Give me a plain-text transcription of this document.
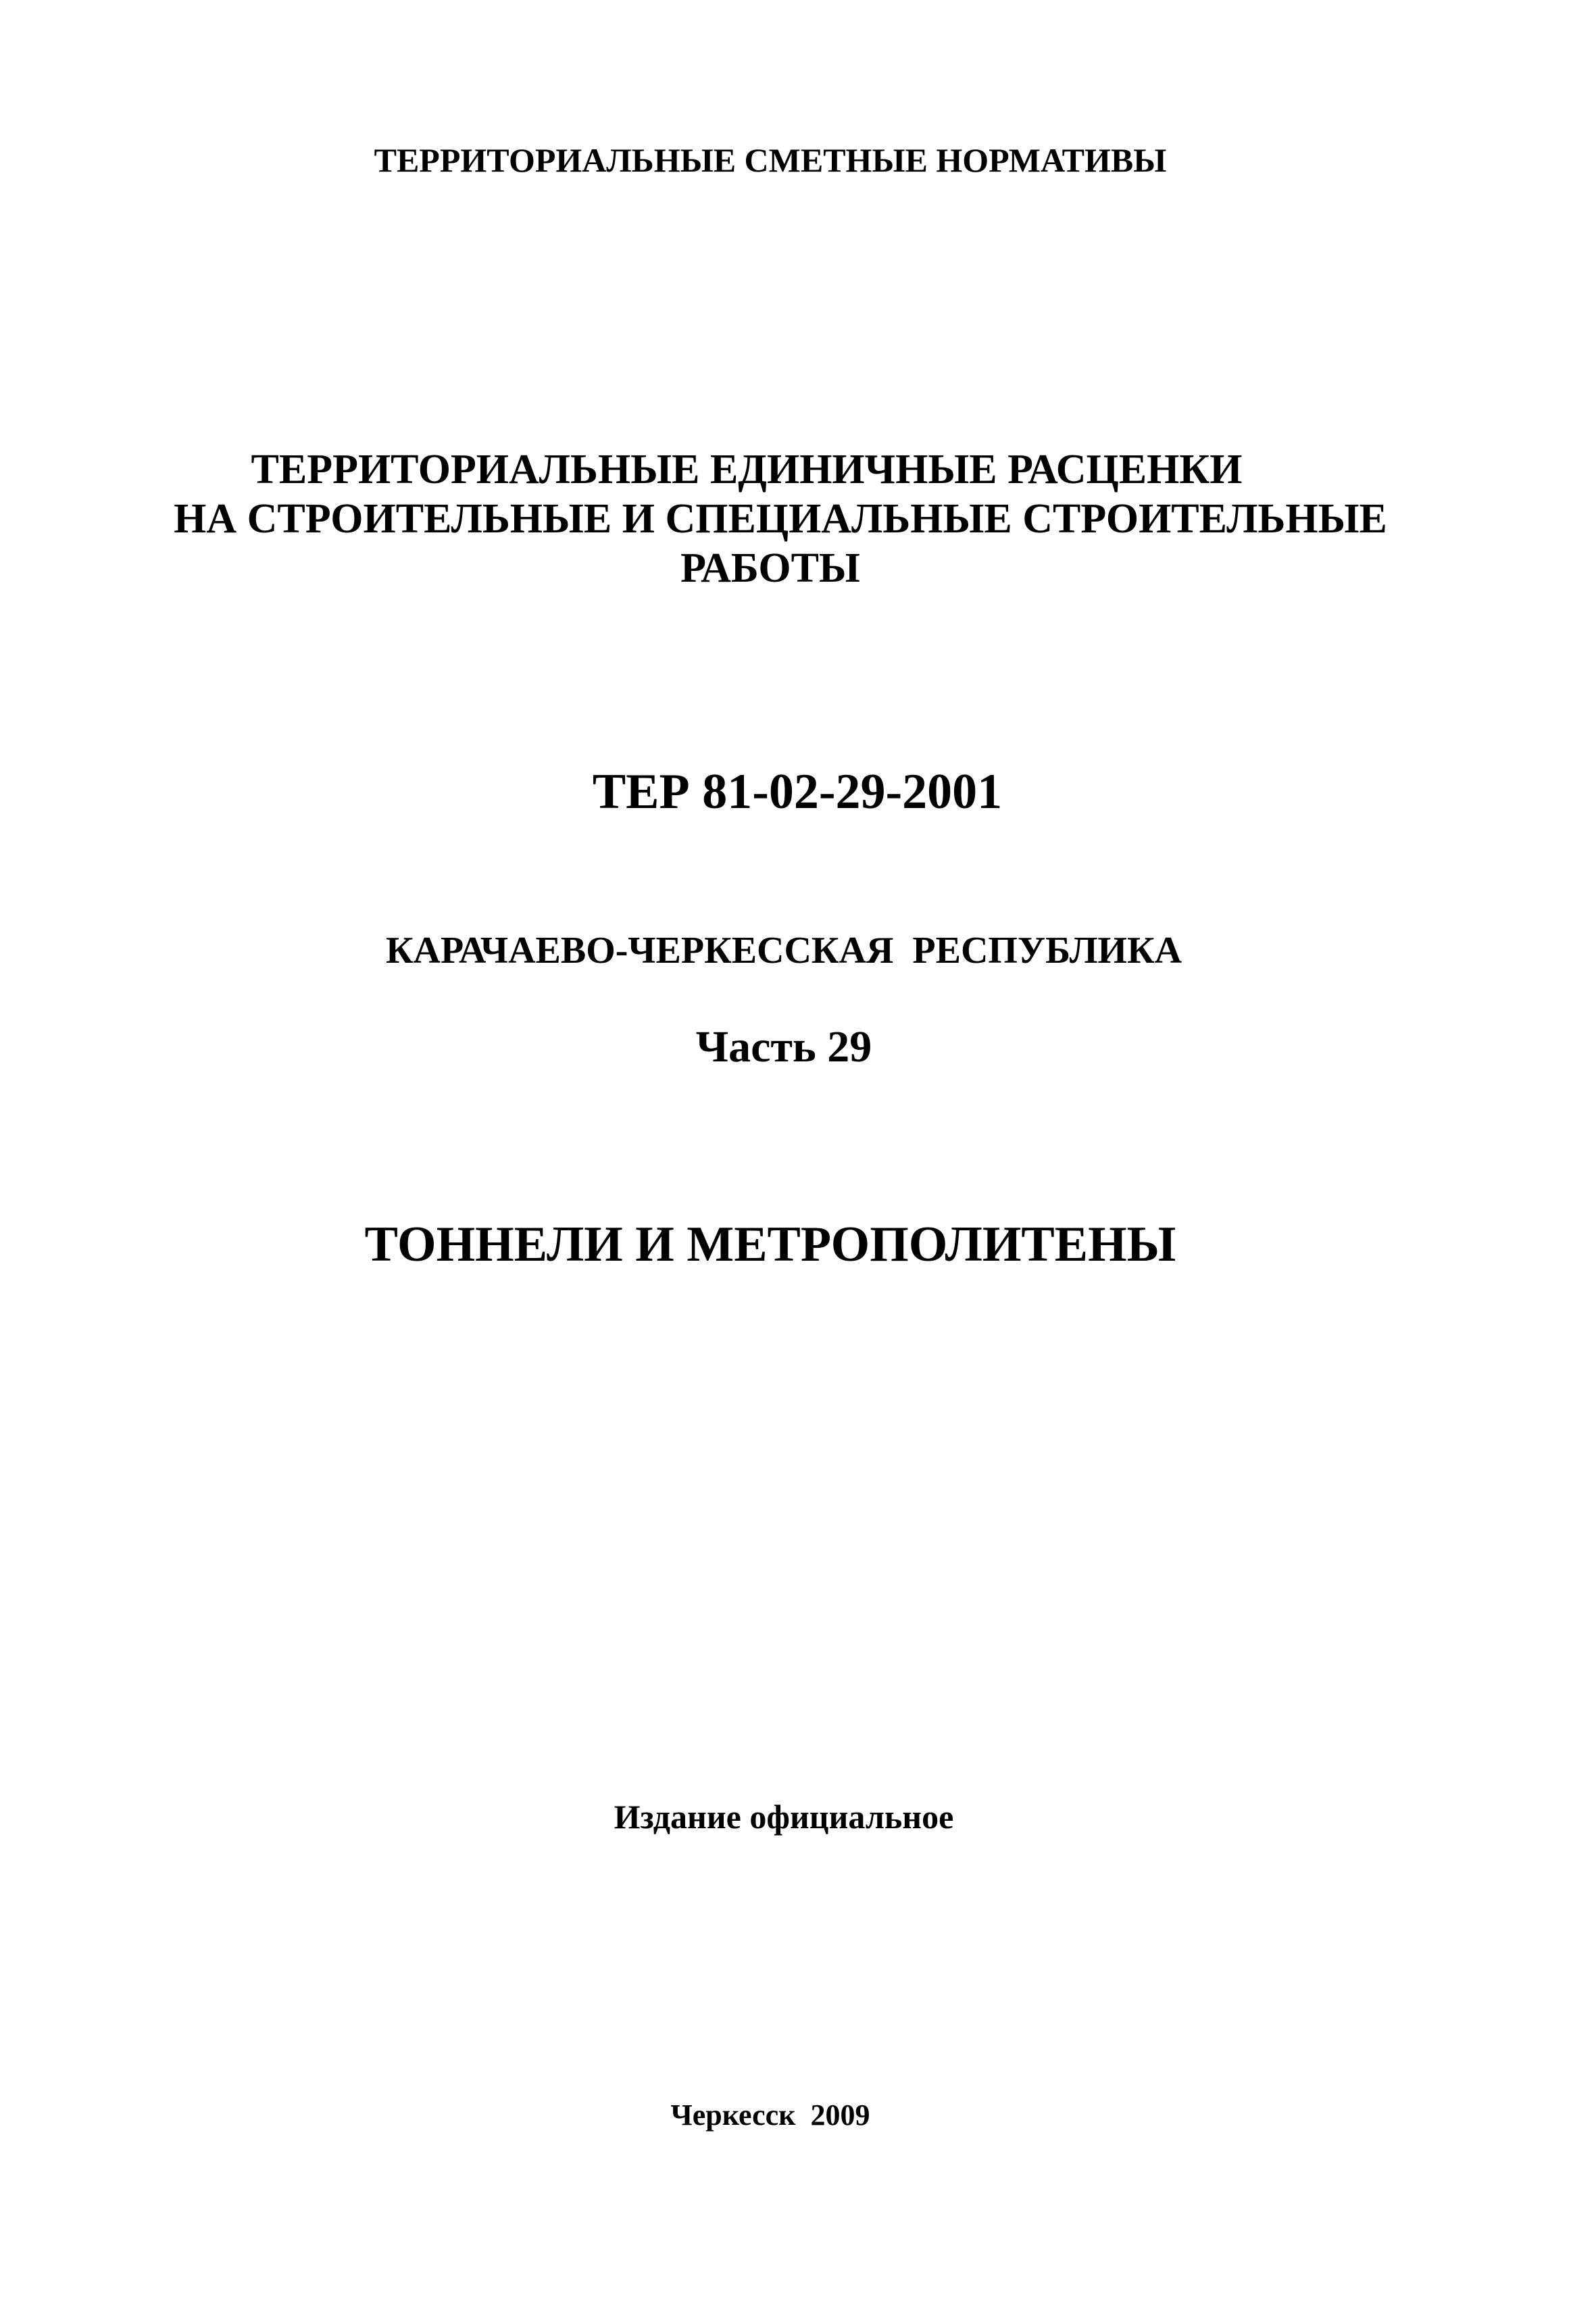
ТЕРРИТОРИАЛЬНЫЕ СМЕТНЫЕ НОРМАТИВЫ
ТЕРРИТОРИАЛЬНЫЕ ЕДИНИЧНЫЕ РАСЦЕНКИ
НА СТРОИТЕЛЬНЫЕ И СПЕЦИАЛЬНЫЕ СТРОИТЕЛЬНЫЕ
РАБОТЫ
ТЕР 81-02-29-2001
КАРАЧАЕВО-ЧЕРКЕССКАЯ  РЕСПУБЛИКА
Часть 29
ТОННЕЛИ И МЕТРОПОЛИТЕНЫ
Издание официальное
Черкесск  2009
